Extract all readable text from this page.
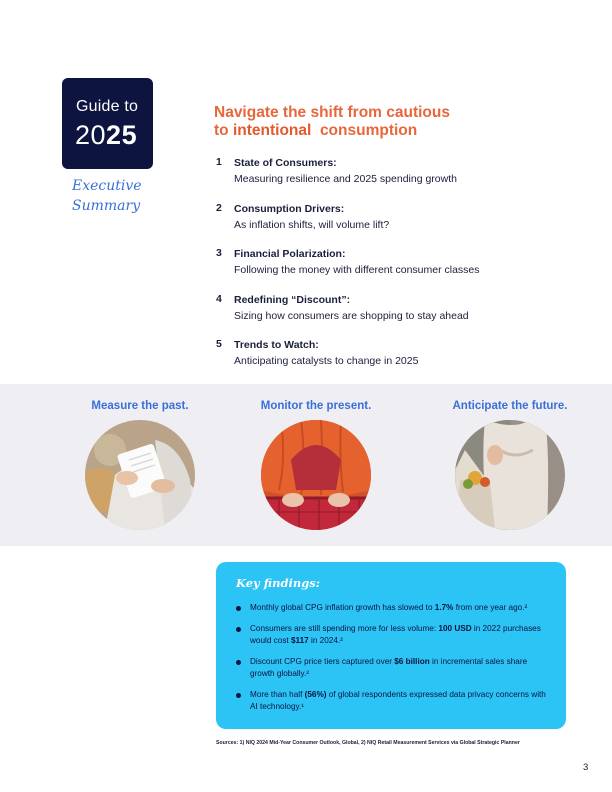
Guide to
2025
Executive
Summary
Navigate the shift from cautious
to intentional consumption
1 State of Consumers:
Measuring resilience and 2025 spending growth
2 Consumption Drivers:
As inflation shifts, will volume lift?
3 Financial Polarization:
Following the money with different consumer classes
4 Redefining “Discount”:
Sizing how consumers are shopping to stay ahead
5 Trends to Watch:
Anticipating catalysts to change in 2025
Measure the past.	Monitor the present.	Anticipate the future.
Key findings:
Monthly global CPG inflation growth has slowed to 1.7% from one year ago.²
Consumers are still spending more for less volume: 100 USD in 2022 purchases would cost $117 in 2024.²
Discount CPG price tiers captured over $6 billion in incremental sales share growth globally.²
More than half (56%) of global respondents expressed data privacy concerns with AI technology.¹
Sources: 1) NIQ 2024 Mid-Year Consumer Outlook, Global, 2) NIQ Retail Measurement Services via Global Strategic Planner
3
